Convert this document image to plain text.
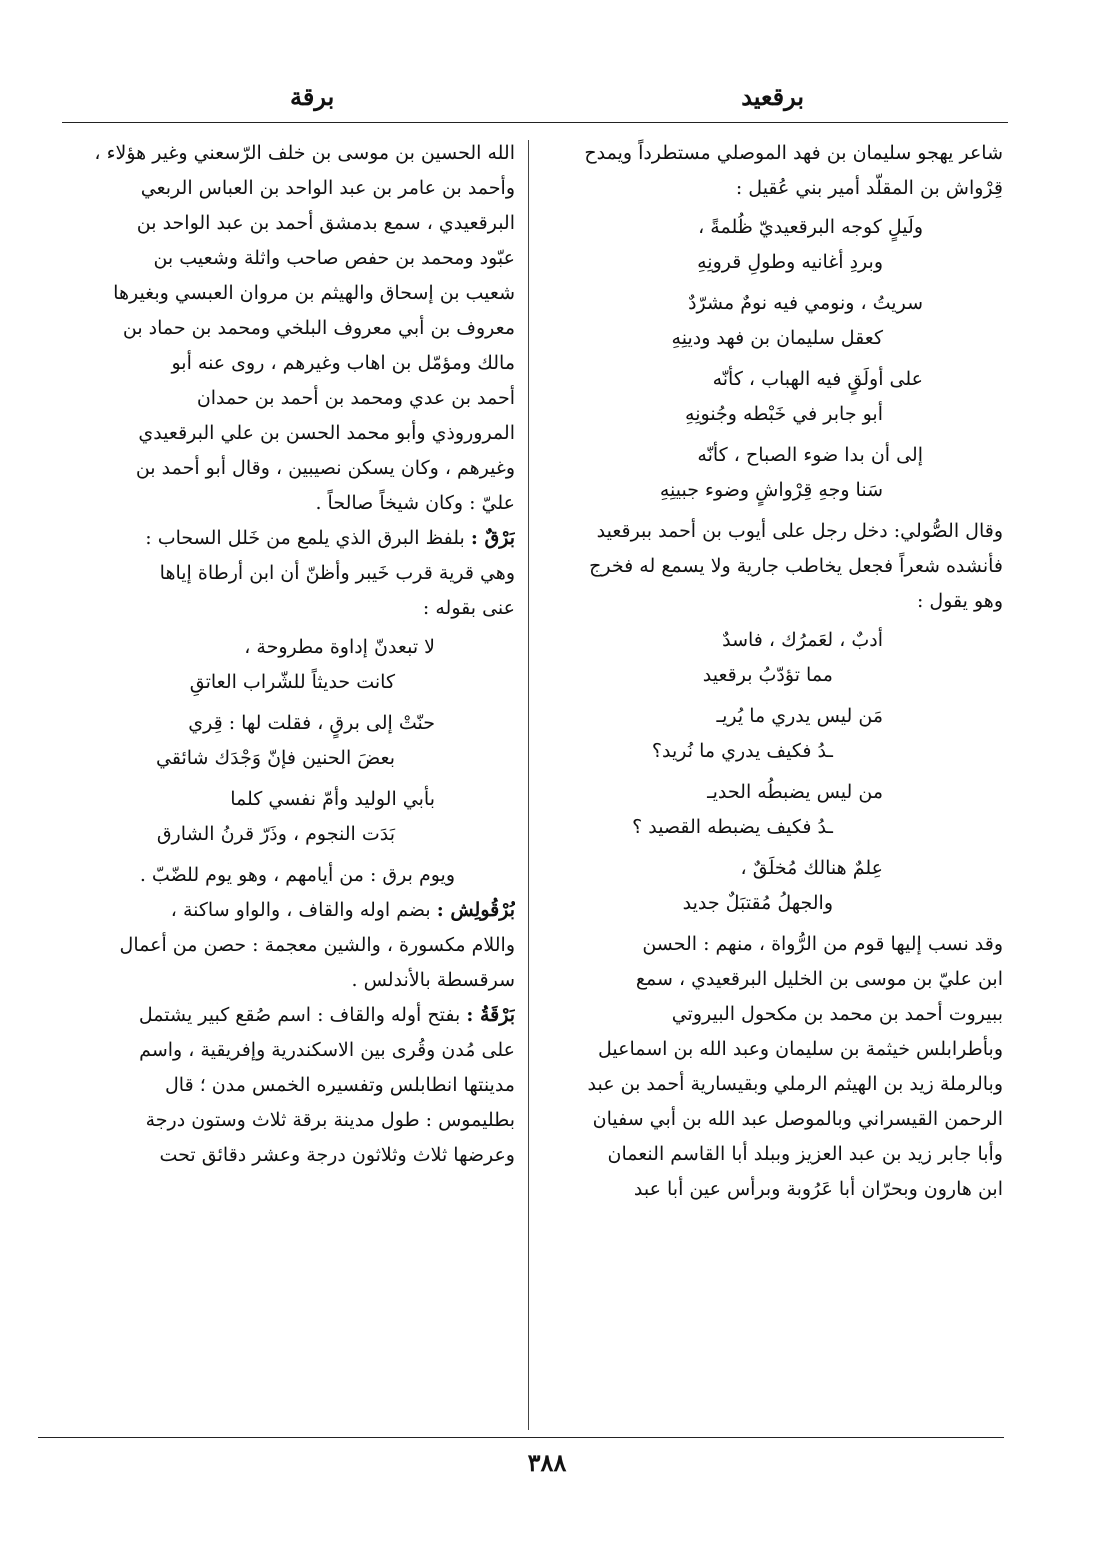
برقعيد
برقة

شاعر يهجو سليمان بن فهد الموصلي مستطرداً ويمدح

قِرْواش بن المقلّد أمير بني عُقيل :

ولَيلٍ كوجه البرقعيديّ ظُلمةً ،

وبردِ أغانيه وطولِ قرونِهِ

سريتُ ، ونومي فيه نومٌ مشرّدٌ

كعقل سليمان بن فهد ودينِهِ

على أولَقٍ فيه الهباب ، كأنّه

أبو جابر في خَبْطه وجُنونِهِ

إلى أن بدا ضوء الصباح ، كأنّه

سَنا وجهِ قِرْواشٍ وضوء جبينِهِ

وقال الصُّولي: دخل رجل على أيوب بن أحمد ببرقعيد

فأنشده شعراً فجعل يخاطب جارية ولا يسمع له فخرج

وهو يقول :

أدبٌ ، لعَمرُك ، فاسدٌ

مما تؤدّبُ برقعيد

مَن ليس يدري ما يُريـ

ـدُ فكيف يدري ما نُريد؟

من ليس يضبطُه الحديـ

ـدُ فكيف يضبطه القصيد ؟

عِلمٌ هنالك مُخلَقٌ ،

والجهلُ مُقتبَلٌ جديد

وقد نسب إليها قوم من الرُّواة ، منهم : الحسن

ابن عليّ بن موسى بن الخليل البرقعيدي ، سمع

ببيروت أحمد بن محمد بن مكحول البيروتي

وبأطرابلس خيثمة بن سليمان وعبد الله بن اسماعيل

وبالرملة زيد بن الهيثم الرملي وبقيسارية أحمد بن عبد

الرحمن القيسراني وبالموصل عبد الله بن أبي سفيان

وأبا جابر زيد بن عبد العزيز وببلد أبا القاسم النعمان

ابن هارون وبحرّان أبا عَرُوبة وبرأس عين أبا عبد

الله الحسين بن موسى بن خلف الرّسعني وغير هؤلاء ،

وأحمد بن عامر بن عبد الواحد بن العباس الربعي

البرقعيدي ، سمع بدمشق أحمد بن عبد الواحد بن

عبّود ومحمد بن حفص صاحب واثلة وشعيب بن

شعيب بن إسحاق والهيثم بن مروان العبسي وبغيرها

معروف بن أبي معروف البلخي ومحمد بن حماد بن

مالك ومؤمّل بن اهاب وغيرهم ، روى عنه أبو

أحمد بن عدي ومحمد بن أحمد بن حمدان

المروروذي وأبو محمد الحسن بن علي البرقعيدي

وغيرهم ، وكان يسكن نصيبين ، وقال أبو أحمد بن

عليّ : وكان شيخاً صالحاً .

بَرْقٌ : بلفظ البرق الذي يلمع من خَلل السحاب :

وهي قرية قرب خَيبر وأظنّ أن ابن أرطاة إياها

عنى بقوله :

لا تبعدنّ إداوة مطروحة ،

كانت حديثاً للشّراب العاتقِ

حنّتْ إلى برقٍ ، فقلت لها : قِري

بعضَ الحنين فإنّ وَجْدَك شائقي

بأبي الوليد وأمّ نفسي كلما

بَدَت النجوم ، وذَرّ قرنُ الشارق

ويوم برق : من أيامهم ، وهو يوم للضّبّ .

بُرْقُولِش : بضم اوله والقاف ، والواو ساكنة ،

واللام مكسورة ، والشين معجمة : حصن من أعمال

سرقسطة بالأندلس .

بَرْقَةُ : بفتح أوله والقاف : اسم صُقع كبير يشتمل

على مُدن وقُرى بين الاسكندرية وإفريقية ، واسم

مدينتها انطابلس وتفسيره الخمس مدن ؛ قال

بطليموس : طول مدينة برقة ثلاث وستون درجة

وعرضها ثلاث وثلاثون درجة وعشر دقائق تحت

٣٨٨
